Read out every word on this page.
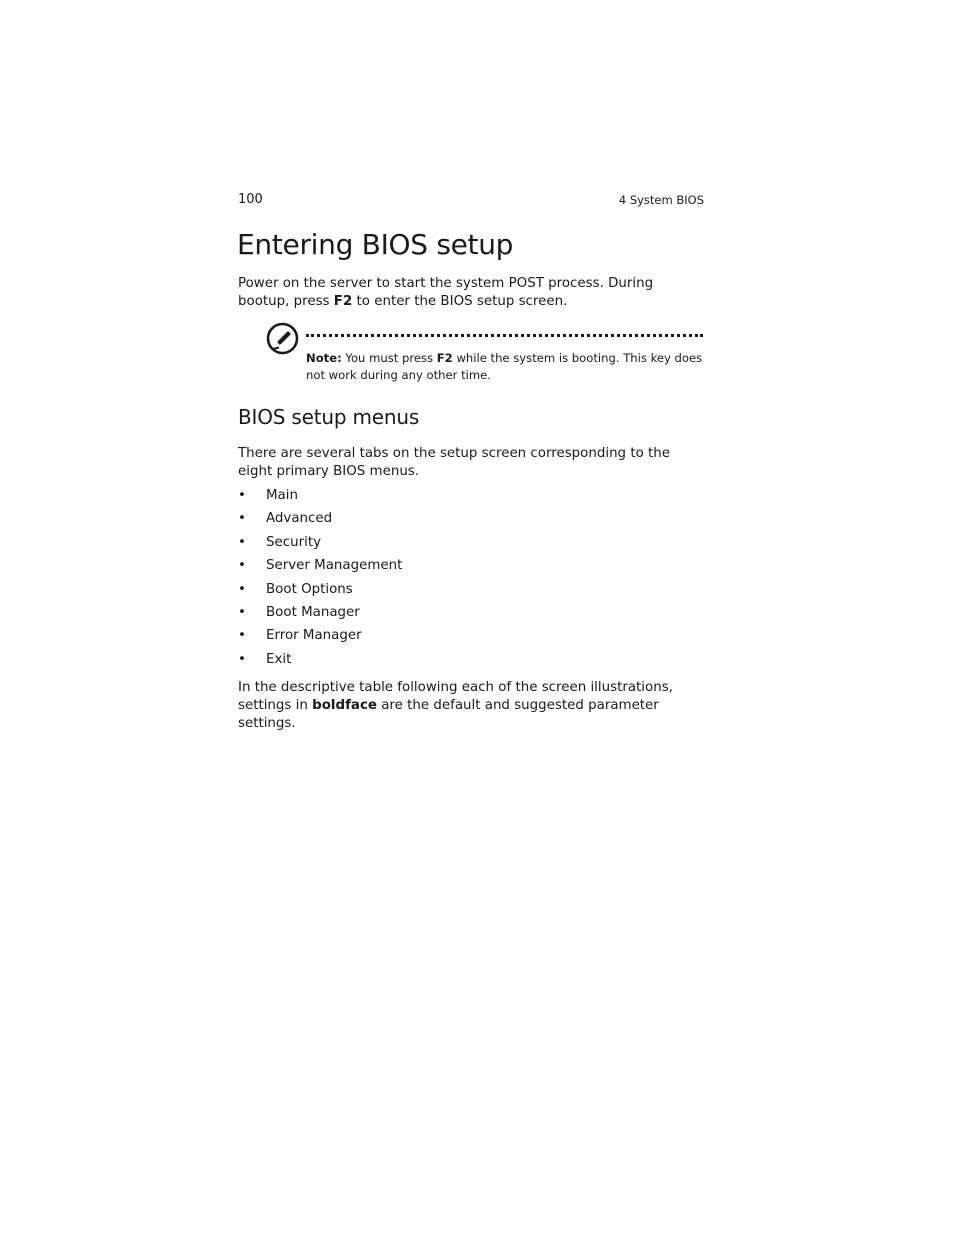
100	4 System BIOS
Entering BIOS setup

Power on the server to start the system POST process. During bootup, press F2 to enter the BIOS setup screen.

Note: You must press F2 while the system is booting. This key does not work during any other time.

BIOS setup menus

There are several tabs on the setup screen corresponding to the eight primary BIOS menus.

• Main
• Advanced
• Security
• Server Management
• Boot Options
• Boot Manager
• Error Manager
• Exit

In the descriptive table following each of the screen illustrations, settings in boldface are the default and suggested parameter settings.
